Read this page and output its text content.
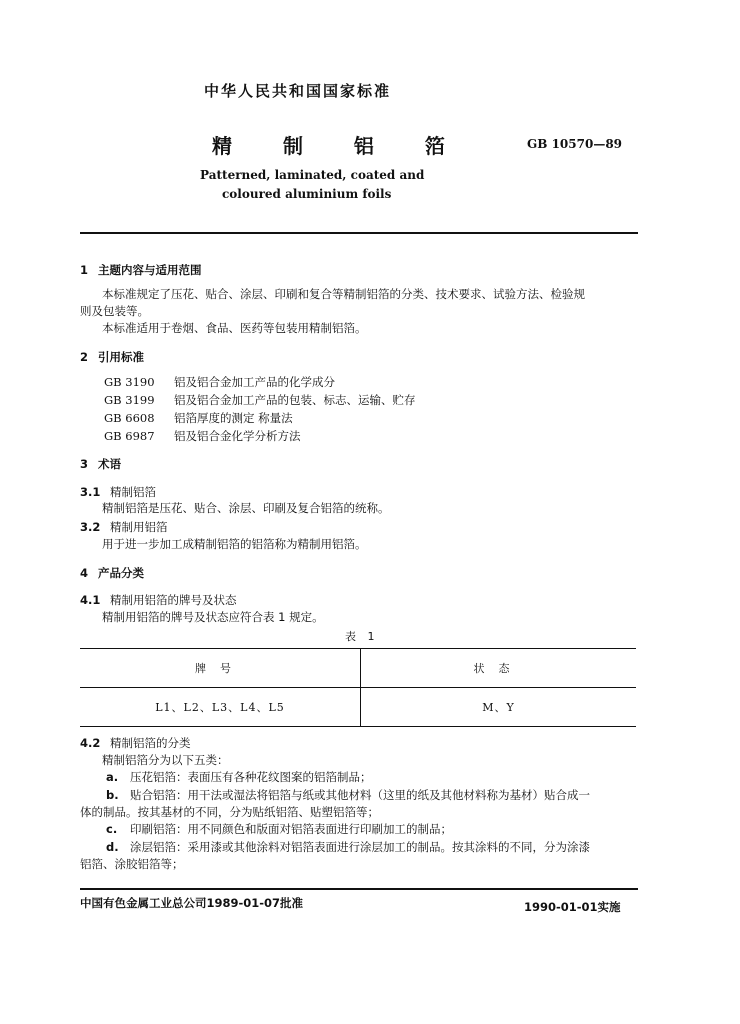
中华人民共和国国家标准
精 制 铝 箔	GB 10570—89
Patterned, laminated, coated and
coloured aluminium foils
1 主题内容与适用范围
本标准规定了压花、贴合、涂层、印刷和复合等精制铝箔的分类、技术要求、试验方法、检验规
则及包装等。
本标准适用于卷烟、食品、医药等包装用精制铝箔。
2 引用标准
GB 3190 铝及铝合金加工产品的化学成分
GB 3199 铝及铝合金加工产品的包装、标志、运输、贮存
GB 6608 铝箔厚度的测定 称量法
GB 6987 铝及铝合金化学分析方法
3 术语
3.1 精制铝箔
精制铝箔是压花、贴合、涂层、印刷及复合铝箔的统称。
3.2 精制用铝箔
用于进一步加工成精制铝箔的铝箔称为精制用铝箔。
4 产品分类
4.1 精制用铝箔的牌号及状态
精制用铝箔的牌号及状态应符合表 1 规定。
表 1
牌号	状态
L1、L2、L3、L4、L5	M、Y
4.2 精制铝箔的分类
精制铝箔分为以下五类：
a. 压花铝箔：表面压有各种花纹图案的铝箔制品；
b. 贴合铝箔：用干法或湿法将铝箔与纸或其他材料（这里的纸及其他材料称为基材）贴合成一
体的制品。按其基材的不同，分为贴纸铝箔、贴塑铝箔等；
c. 印刷铝箔：用不同颜色和版面对铝箔表面进行印刷加工的制品；
d. 涂层铝箔：采用漆或其他涂料对铝箔表面进行涂层加工的制品。按其涂料的不同，分为涂漆
铝箔、涂胶铝箔等；
中国有色金属工业总公司1989-01-07批准	1990-01-01实施
